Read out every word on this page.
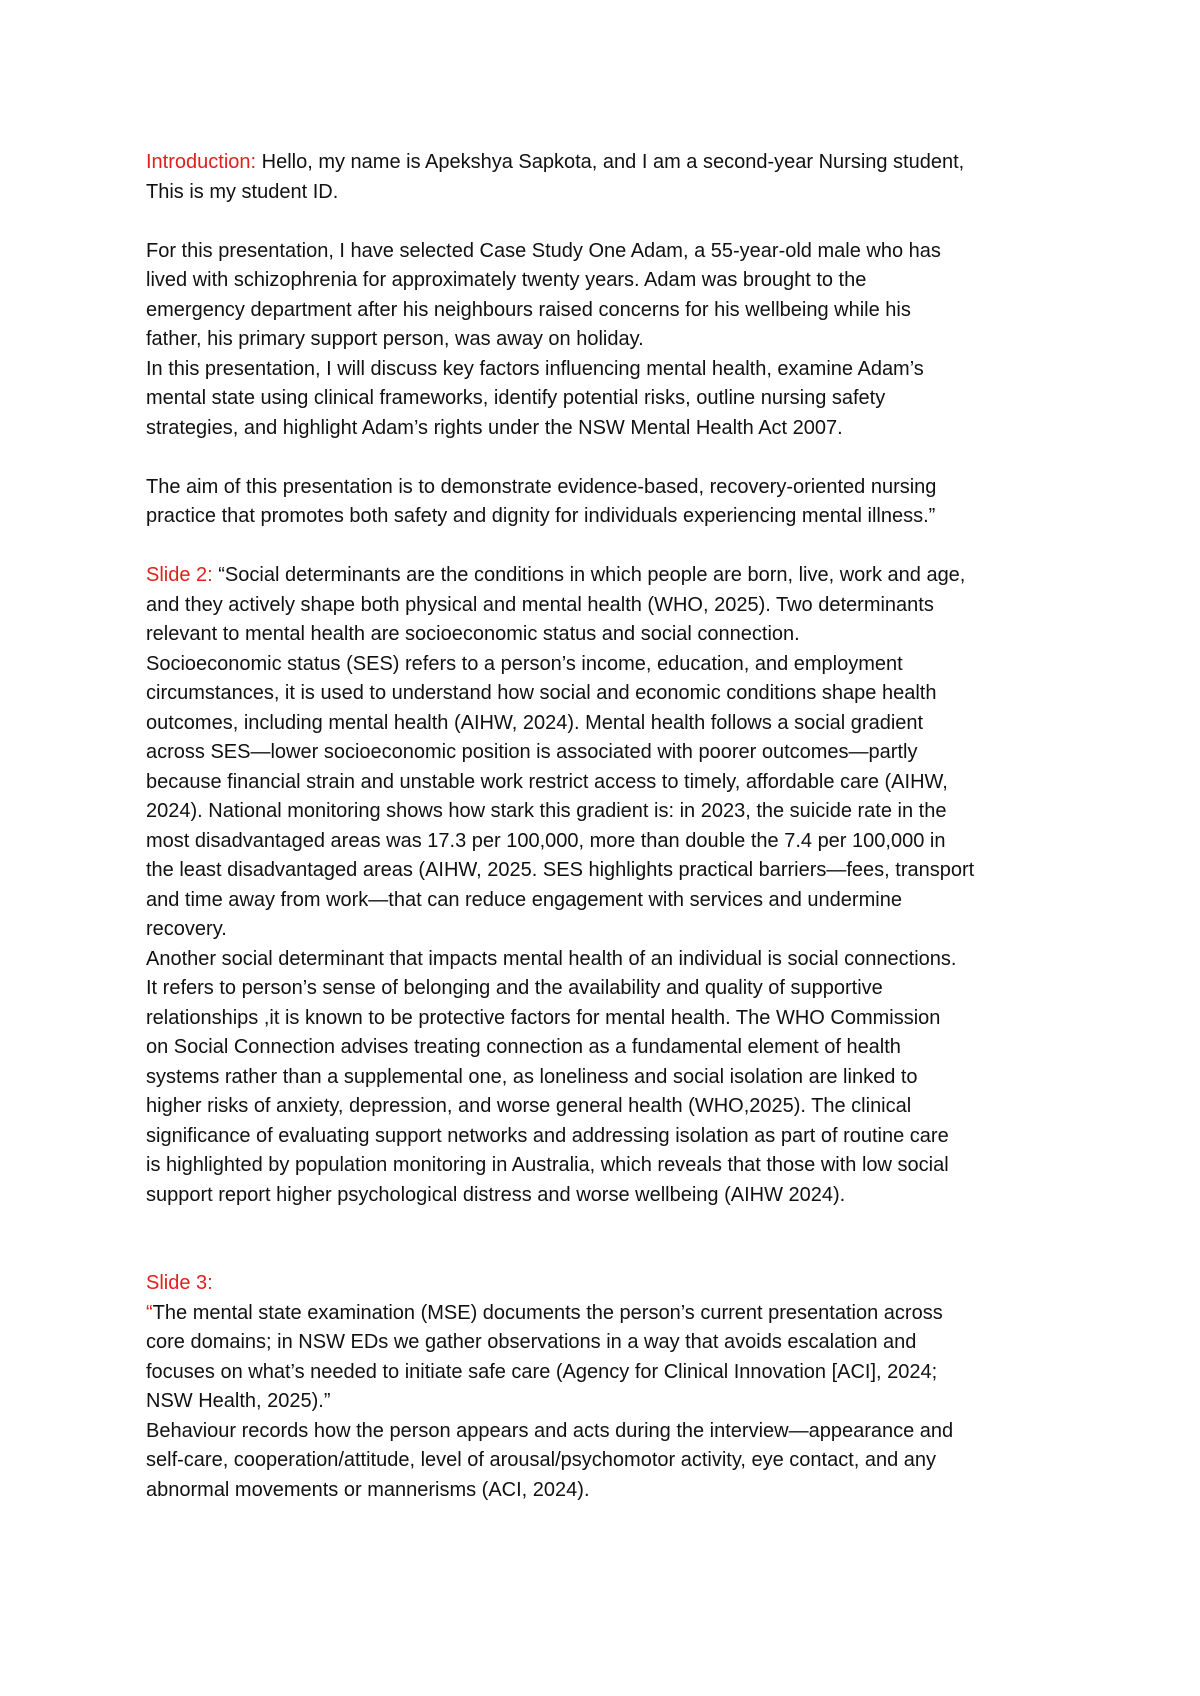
Introduction: Hello, my name is Apekshya Sapkota, and I am a second-year Nursing student,
This is my student ID.

For this presentation, I have selected Case Study One Adam, a 55-year-old male who has
lived with schizophrenia for approximately twenty years. Adam was brought to the
emergency department after his neighbours raised concerns for his wellbeing while his
father, his primary support person, was away on holiday.
In this presentation, I will discuss key factors influencing mental health, examine Adam’s
mental state using clinical frameworks, identify potential risks, outline nursing safety
strategies, and highlight Adam’s rights under the NSW Mental Health Act 2007.

The aim of this presentation is to demonstrate evidence-based, recovery-oriented nursing
practice that promotes both safety and dignity for individuals experiencing mental illness.”

Slide 2: “Social determinants are the conditions in which people are born, live, work and age,
and they actively shape both physical and mental health (WHO, 2025). Two determinants
relevant to mental health are socioeconomic status and social connection.
Socioeconomic status (SES) refers to a person’s income, education, and employment
circumstances, it is used to understand how social and economic conditions shape health
outcomes, including mental health (AIHW, 2024). Mental health follows a social gradient
across SES—lower socioeconomic position is associated with poorer outcomes—partly
because financial strain and unstable work restrict access to timely, affordable care (AIHW,
2024). National monitoring shows how stark this gradient is: in 2023, the suicide rate in the
most disadvantaged areas was 17.3 per 100,000, more than double the 7.4 per 100,000 in
the least disadvantaged areas (AIHW, 2025. SES highlights practical barriers—fees, transport
and time away from work—that can reduce engagement with services and undermine
recovery.
Another social determinant that impacts mental health of an individual is social connections.
It refers to person’s sense of belonging and the availability and quality of supportive
relationships ,it is known to be protective factors for mental health. The WHO Commission
on Social Connection advises treating connection as a fundamental element of health
systems rather than a supplemental one, as loneliness and social isolation are linked to
higher risks of anxiety, depression, and worse general health (WHO,2025). The clinical
significance of evaluating support networks and addressing isolation as part of routine care
is highlighted by population monitoring in Australia, which reveals that those with low social
support report higher psychological distress and worse wellbeing (AIHW 2024).

Slide 3:
“The mental state examination (MSE) documents the person’s current presentation across
core domains; in NSW EDs we gather observations in a way that avoids escalation and
focuses on what’s needed to initiate safe care (Agency for Clinical Innovation [ACI], 2024;
NSW Health, 2025).”
Behaviour records how the person appears and acts during the interview—appearance and
self-care, cooperation/attitude, level of arousal/psychomotor activity, eye contact, and any
abnormal movements or mannerisms (ACI, 2024).
